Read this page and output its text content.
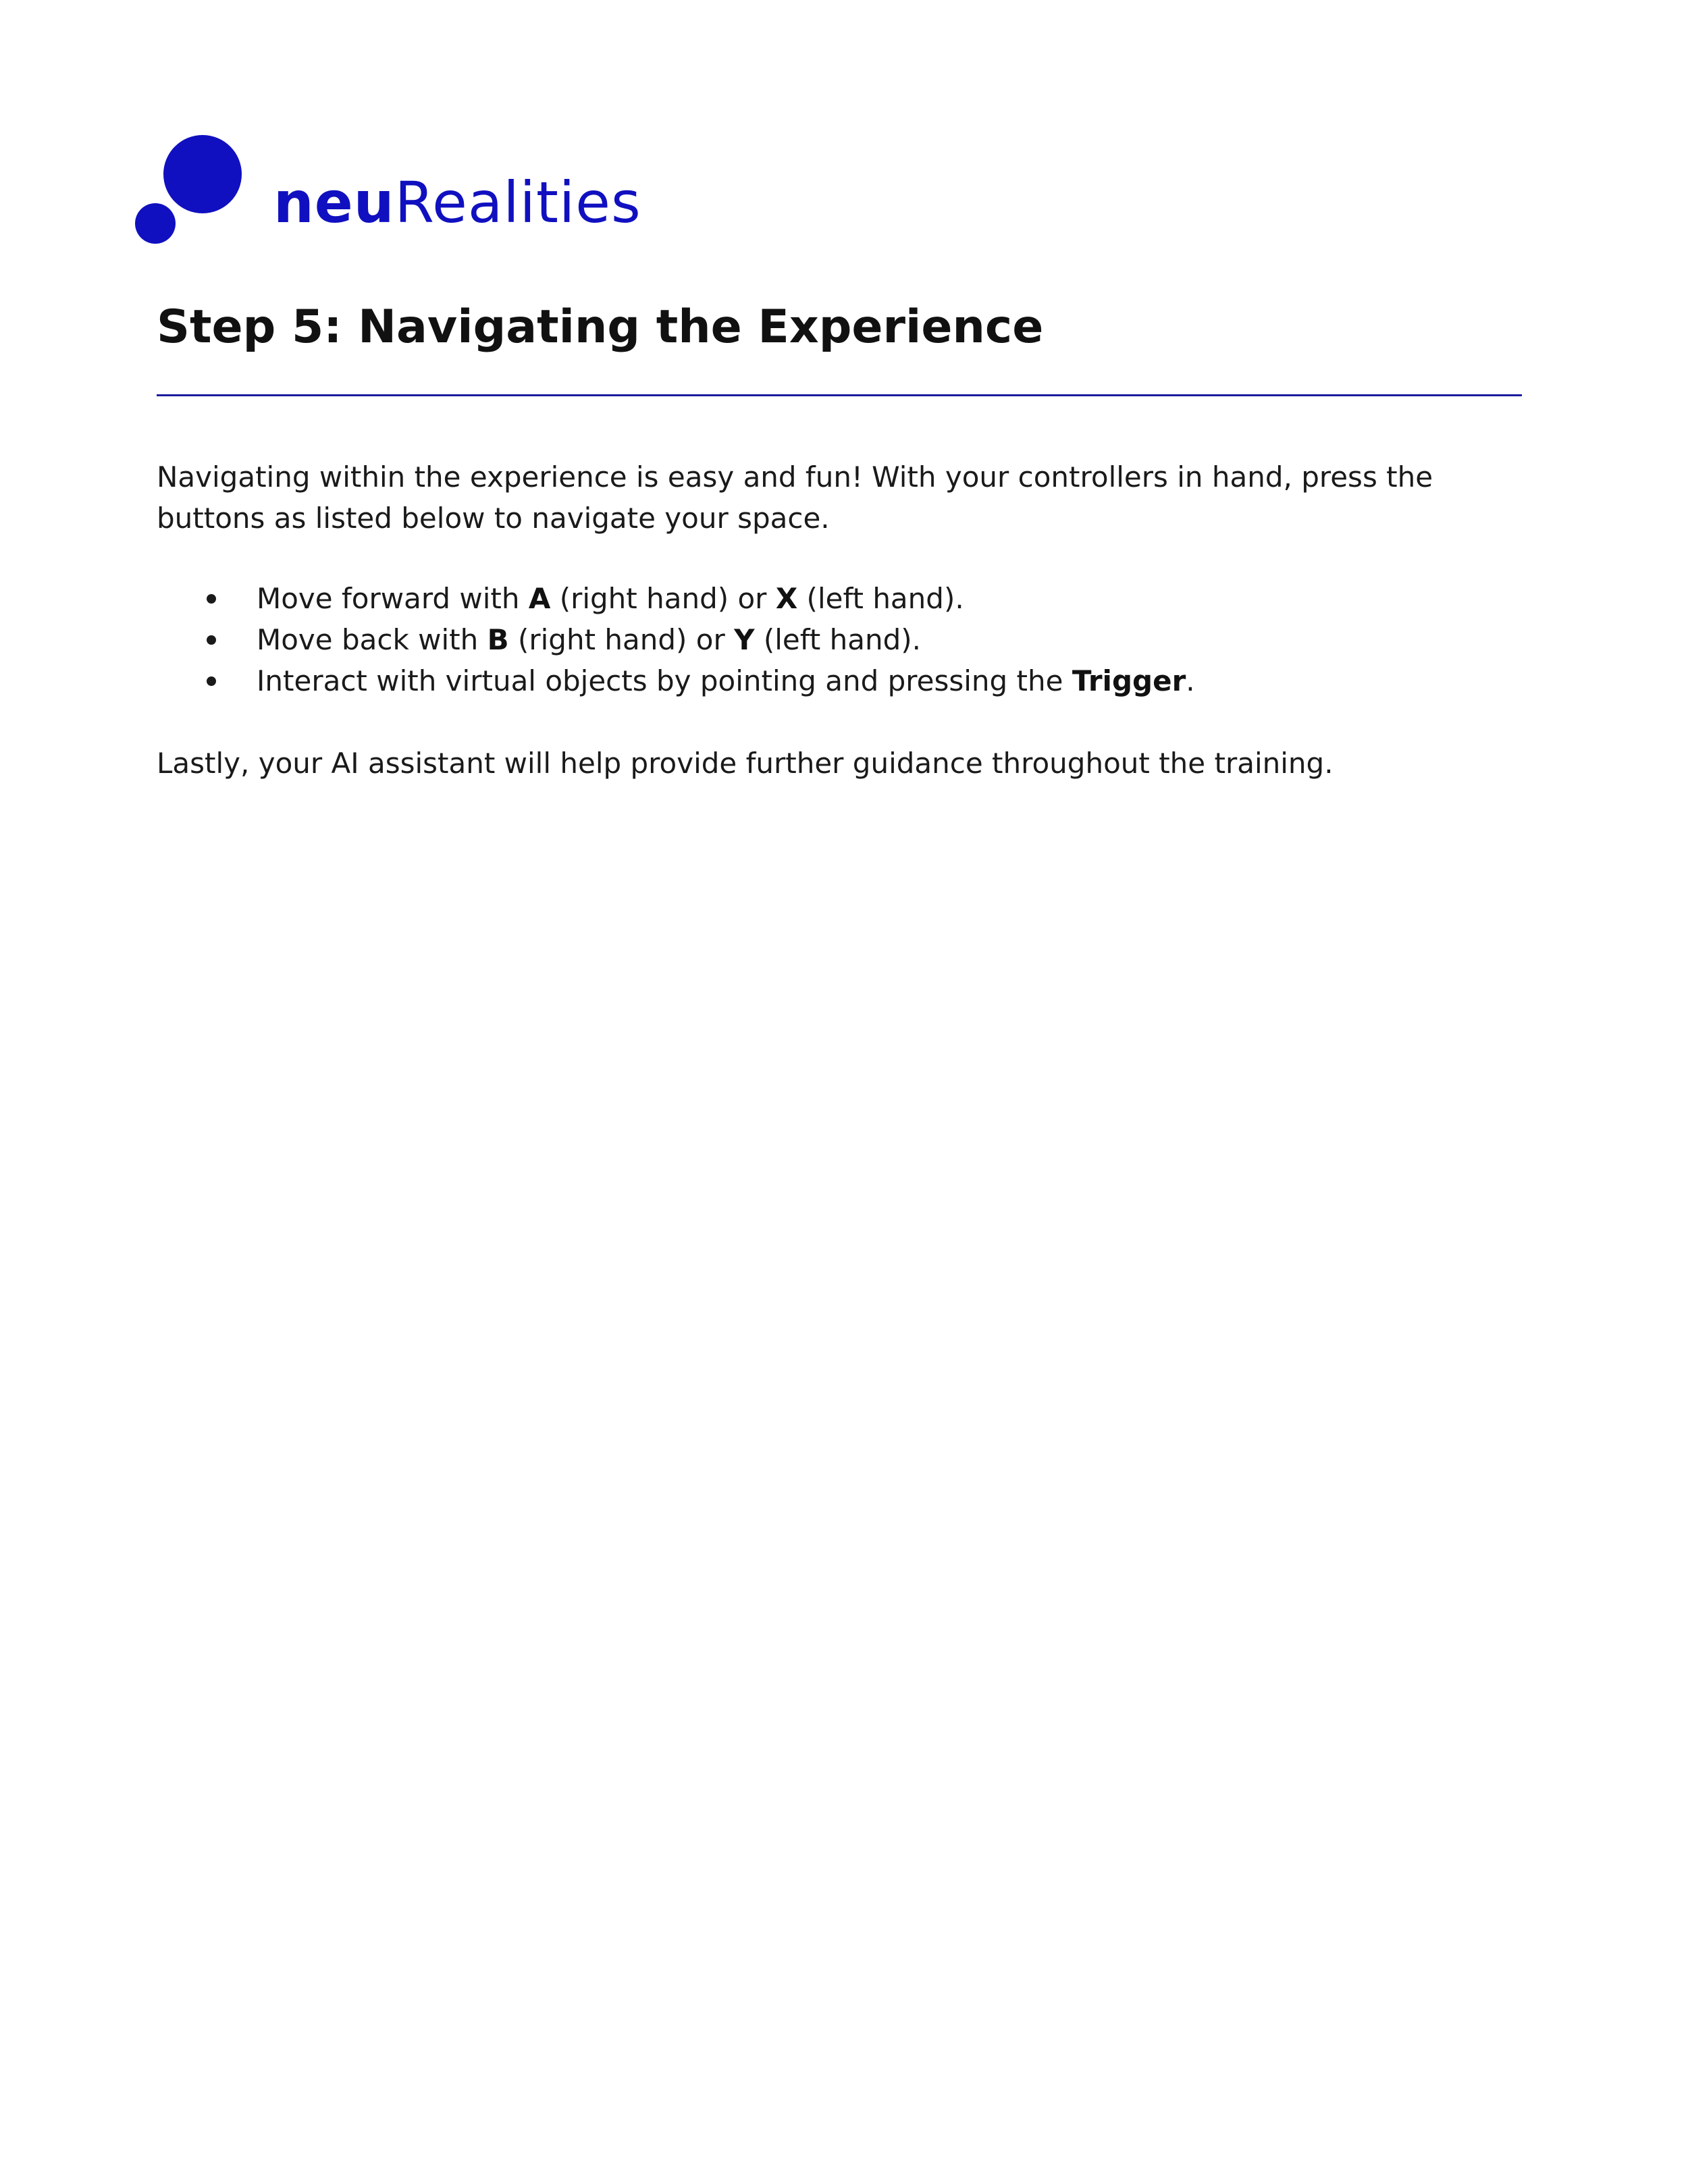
neuRealities
Step 5: Navigating the Experience

Navigating within the experience is easy and fun! With your controllers in hand, press the buttons as listed below to navigate your space.

Move forward with A (right hand) or X (left hand).
Move back with B (right hand) or Y (left hand).
Interact with virtual objects by pointing and pressing the Trigger.

Lastly, your AI assistant will help provide further guidance throughout the training.
